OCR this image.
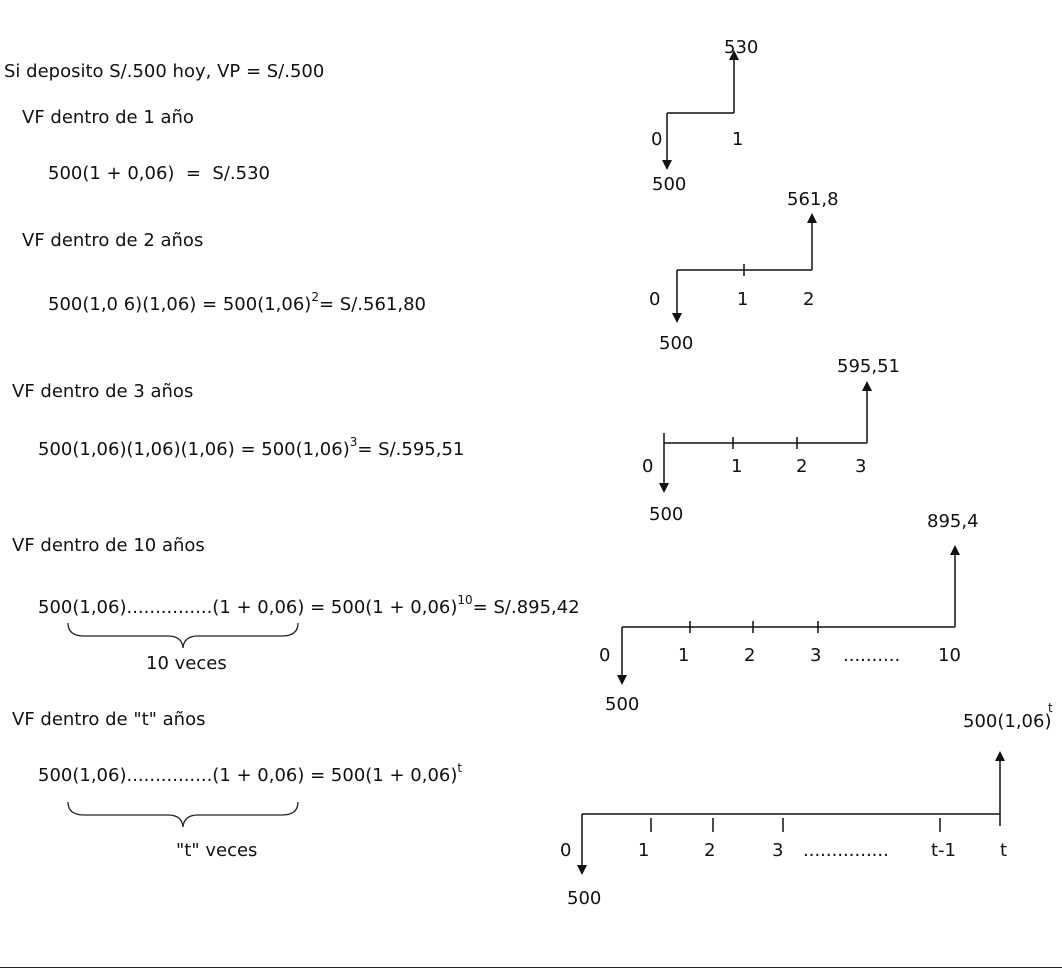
Si deposito S/.500 hoy, VP = S/.500
VF dentro de 1 año
500(1 + 0,06)  =  S/.530
VF dentro de 2 años
500(1,0 $6)(1,06) = 500(1,06)^2= S/.561,80$
VF dentro de 3 años
$500(1,06)(1,06)(1,06) = 500(1,06)^3= S/.595,51$
VF dentro de 10 años
$500(1,06)...............(1 + 0,06) = 500(1 + 0,06)^{10}= S/.895,42$
10 veces
VF dentro de "t" años
$500(1,06)...............(1 + 0,06) = 500(1 + 0,06)^t$
"t" veces
0	1
500
530
0	1	2
500
561,8
0	1	2	3
500
595,51
0	1	2	3 .......... 10
500
895,4
0	1	2	3 ............... t-1 t
500
500(1,06)
t
